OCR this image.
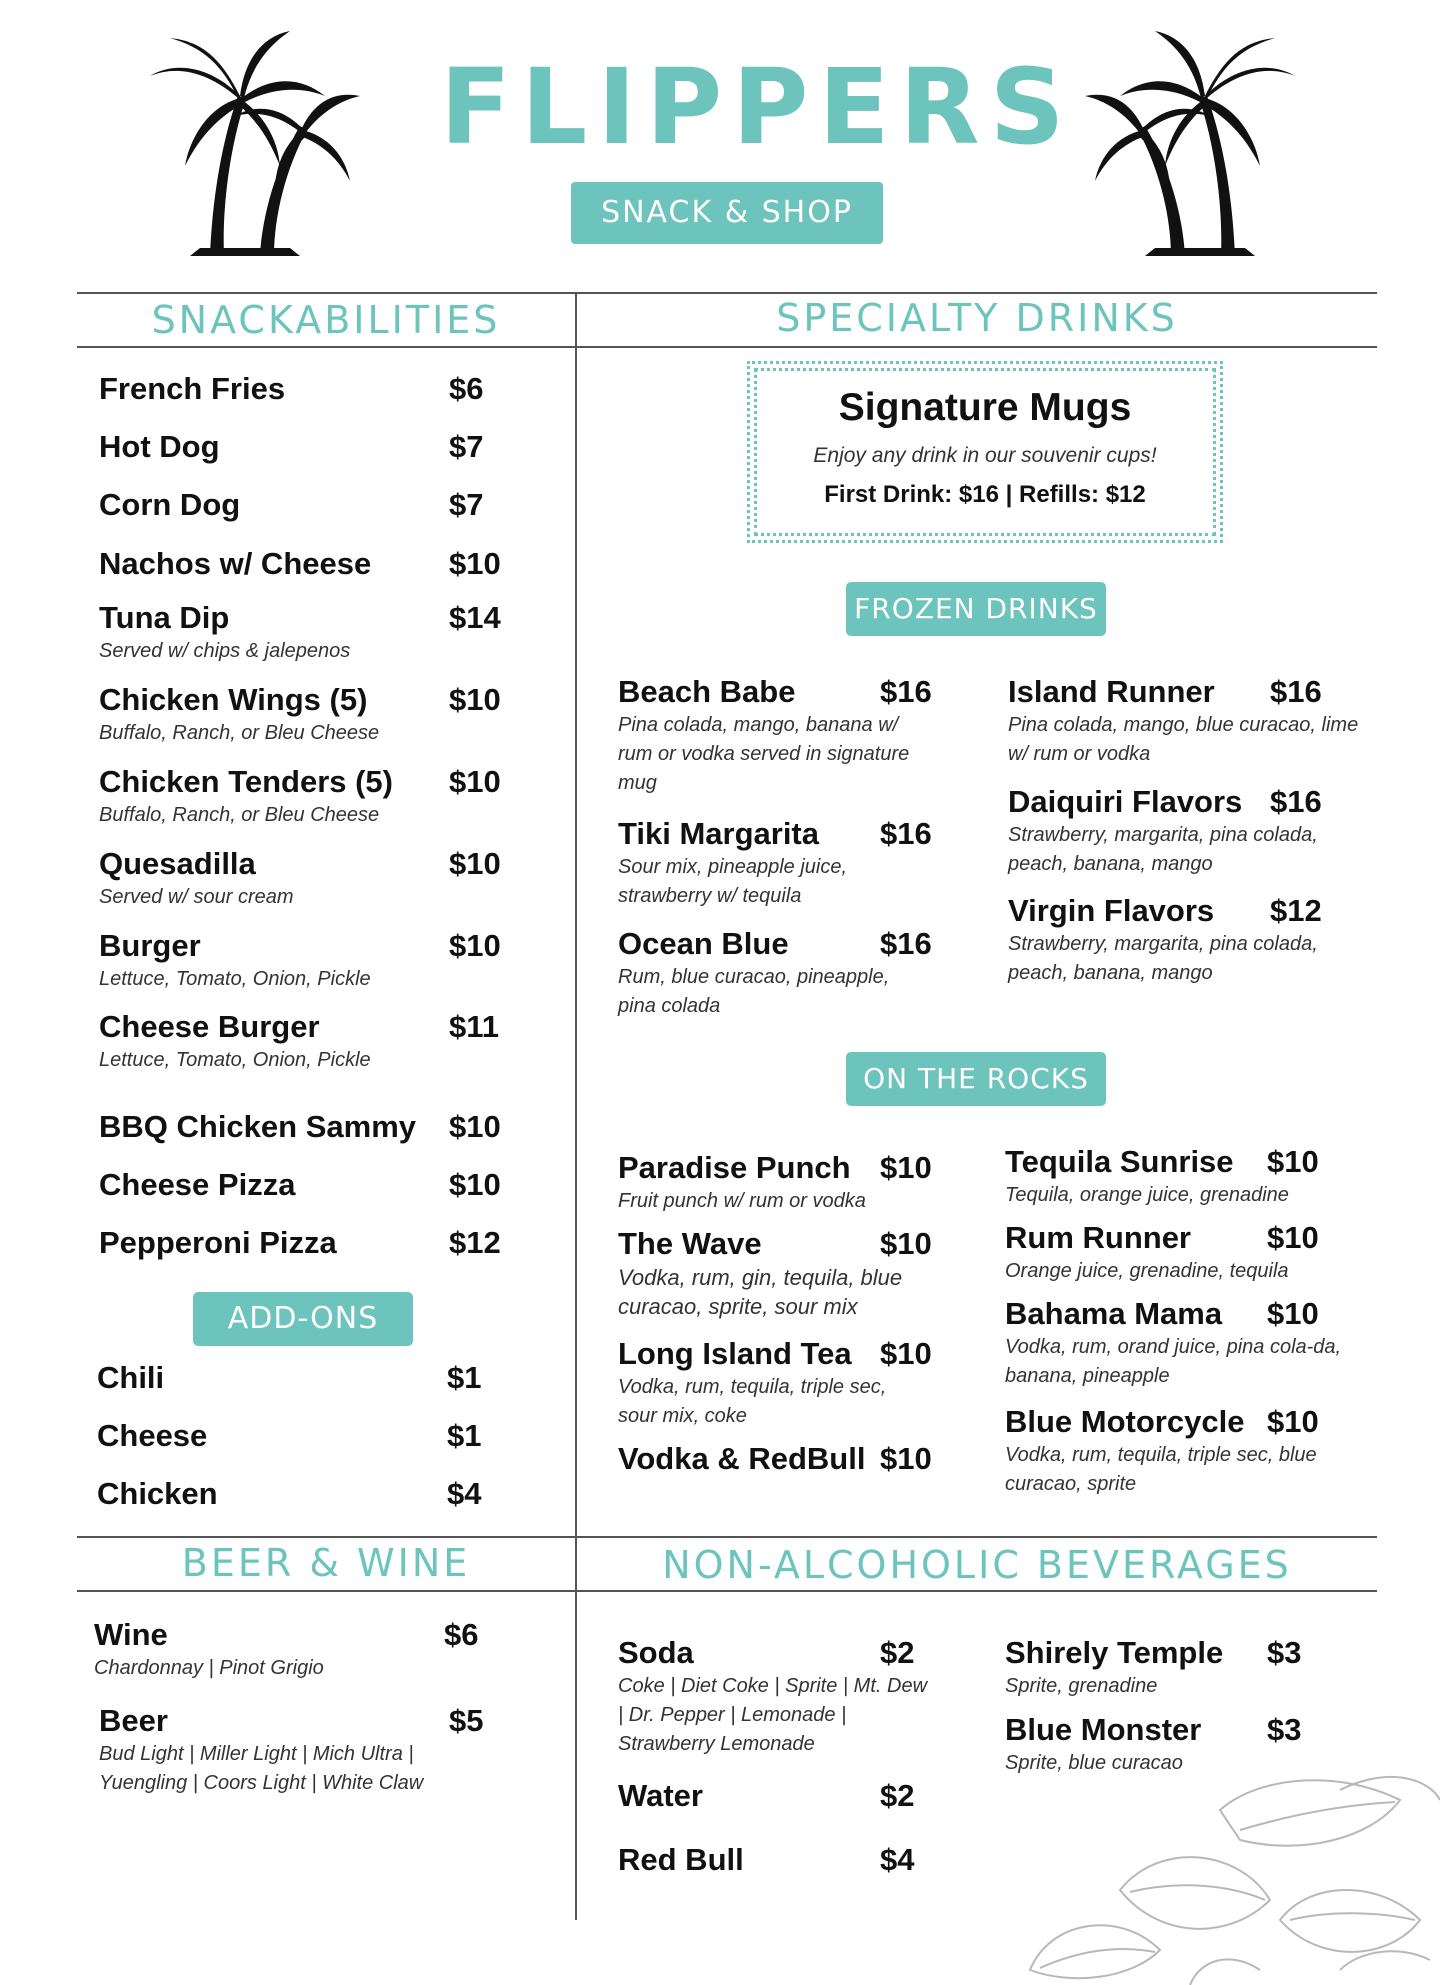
FLIPPERS
SNACK & SHOP
SNACKABILITIES	SPECIALTY DRINKS
BEER & WINE	NON-ALCOHOLIC BEVERAGES
French Fries	$6
Hot Dog	$7
Corn Dog	$7
Nachos w/ Cheese	$10
Tuna Dip	$14
Served w/ chips & jalepenos
Chicken Wings (5)	$10
Buffalo, Ranch, or Bleu Cheese
Chicken Tenders (5) $10
Buffalo, Ranch, or Bleu Cheese
Quesadilla	$10
Served w/ sour cream
Burger	$10
Lettuce, Tomato, Onion, Pickle
Cheese Burger	$11
Lettuce, Tomato, Onion, Pickle
BBQ Chicken Sammy $10
Cheese Pizza	$10
Pepperoni Pizza	$12
ADD-ONS
Chili	$1
Cheese	$1
Chicken	$4
Signature Mugs
Enjoy any drink in our souvenir cups!
First Drink: $16 | Refills: $12
FROZEN DRINKS
Beach Babe	$16
Pina colada, mango, banana w/ rum or vodka served in signature mug
Tiki Margarita $16
Sour mix, pineapple juice, strawberry w/ tequila
Ocean Blue	$16
Rum, blue curacao, pineapple, pina colada
Island Runner $16
Pina colada, mango, blue curacao, lime w/ rum or vodka
Daiquiri Flavors $16
Strawberry, margarita, pina colada, peach, banana, mango
Virgin Flavors $12
Strawberry, margarita, pina colada, peach, banana, mango
ON THE ROCKS
Paradise Punch $10
Fruit punch w/ rum or vodka
The Wave	$10
Vodka, rum, gin, tequila, blue curacao, sprite, sour mix
Long Island Tea $10
Vodka, rum, tequila, triple sec, sour mix, coke
Vodka & RedBull $10
Tequila Sunrise $10
Tequila, orange juice, grenadine
Rum Runner $10
Orange juice, grenadine, tequila
Bahama Mama $10
Vodka, rum, orand juice, pina cola-da, banana, pineapple
Blue Motorcycle $10
Vodka, rum, tequila, triple sec, blue curacao, sprite
Wine	$6
Chardonnay | Pinot Grigio
Beer	$5
Bud Light | Miller Light | Mich Ultra | Yuengling | Coors Light | White Claw
Soda	$2
Coke | Diet Coke | Sprite | Mt. Dew | Dr. Pepper | Lemonade | Strawberry Lemonade
Water	$2
Red Bull	$4
Shirely Temple $3
Sprite, grenadine
Blue Monster $3
Sprite, blue curacao
